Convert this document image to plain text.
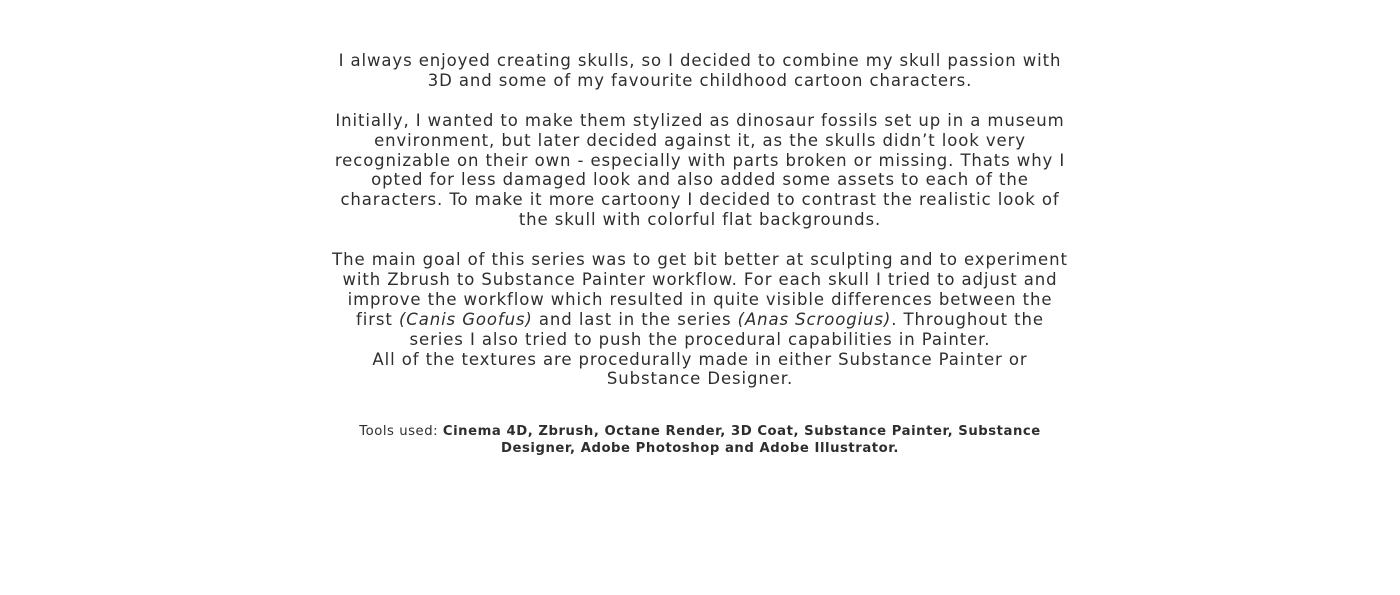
I always enjoyed creating skulls, so I decided to combine my skull passion with 3D and some of my favourite childhood cartoon characters.

Initially, I wanted to make them stylized as dinosaur fossils set up in a museum environment, but later decided against it, as the skulls didn’t look very recognizable on their own - especially with parts broken or missing. Thats why I opted for less damaged look and also added some assets to each of the characters. To make it more cartoony I decided to contrast the realistic look of the skull with colorful flat backgrounds.

The main goal of this series was to get bit better at sculpting and to experiment with Zbrush to Substance Painter workflow. For each skull I tried to adjust and improve the workflow which resulted in quite visible differences between the first (Canis Goofus) and last in the series (Anas Scroogius). Throughout the series I also tried to push the procedural capabilities in Painter.

All of the textures are procedurally made in either Substance Painter or Substance Designer.

Tools used: Cinema 4D, Zbrush, Octane Render, 3D Coat, Substance Painter, Substance Designer, Adobe Photoshop and Adobe Illustrator.
